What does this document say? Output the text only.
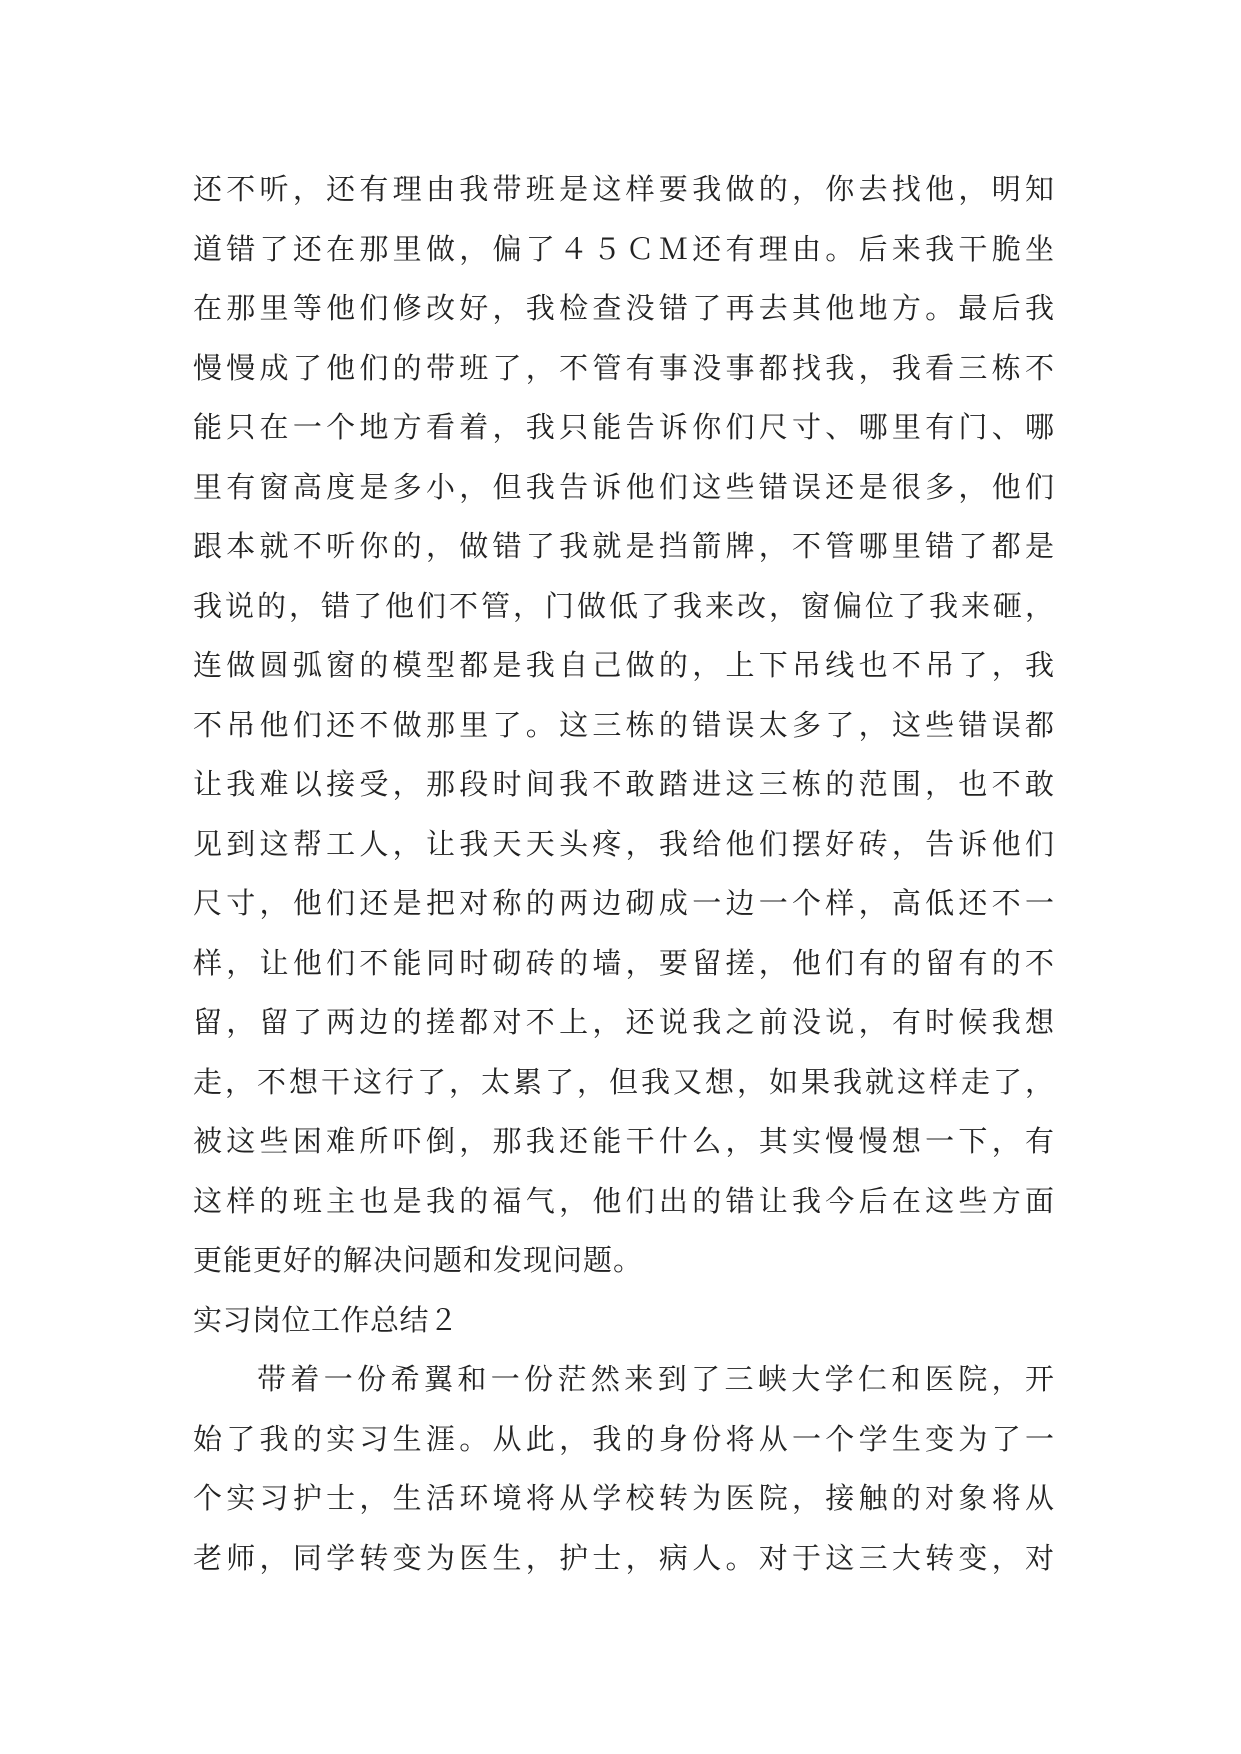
还不听，还有理由我带班是这样要我做的，你去找他，明知
道错了还在那里做，偏了４５ＣＭ还有理由。后来我干脆坐
在那里等他们修改好，我检查没错了再去其他地方。最后我
慢慢成了他们的带班了，不管有事没事都找我，我看三栋不
能只在一个地方看着，我只能告诉你们尺寸、哪里有门、哪
里有窗高度是多小，但我告诉他们这些错误还是很多，他们
跟本就不听你的，做错了我就是挡箭牌，不管哪里错了都是
我说的，错了他们不管，门做低了我来改，窗偏位了我来砸，
连做圆弧窗的模型都是我自己做的，上下吊线也不吊了，我
不吊他们还不做那里了。这三栋的错误太多了，这些错误都
让我难以接受，那段时间我不敢踏进这三栋的范围，也不敢
见到这帮工人，让我天天头疼，我给他们摆好砖，告诉他们
尺寸，他们还是把对称的两边砌成一边一个样，高低还不一
样，让他们不能同时砌砖的墙，要留搓，他们有的留有的不
留，留了两边的搓都对不上，还说我之前没说，有时候我想
走，不想干这行了，太累了，但我又想，如果我就这样走了，
被这些困难所吓倒，那我还能干什么，其实慢慢想一下，有
这样的班主也是我的福气，他们出的错让我今后在这些方面
更能更好的解决问题和发现问题。
实习岗位工作总结２
带着一份希翼和一份茫然来到了三峡大学仁和医院，开
始了我的实习生涯。从此，我的身份将从一个学生变为了一
个实习护士，生活环境将从学校转为医院，接触的对象将从
老师，同学转变为医生，护士，病人。对于这三大转变，对
